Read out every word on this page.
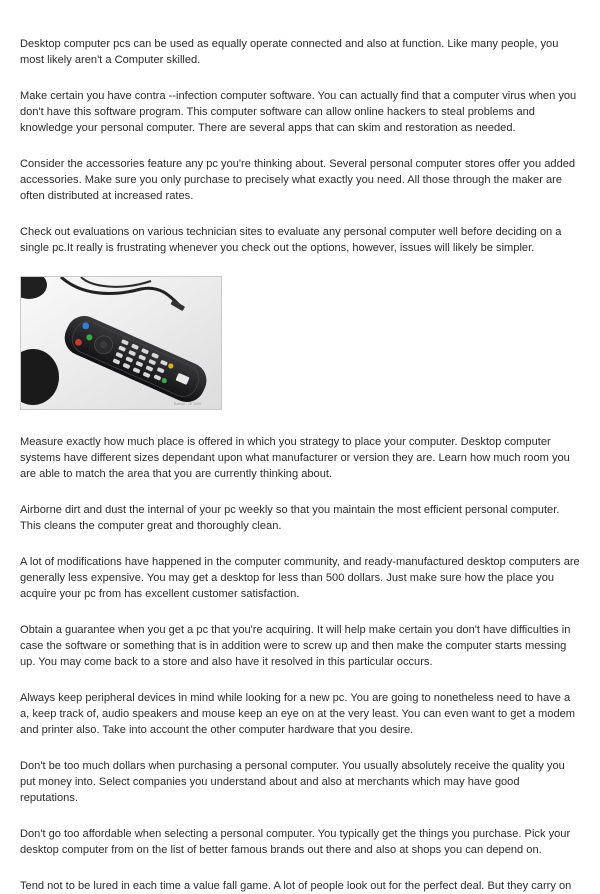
Desktop computer pcs can be used as equally operate connected and also at function. Like many people, you most likely aren't a Computer skilled.

Make certain you have contra --infection computer software. You can actually find that a computer virus when you don't have this software program. This computer software can allow online hackers to steal problems and knowledge your personal computer. There are several apps that can skim and restoration as needed.

Consider the accessories feature any pc you're thinking about. Several personal computer stores offer you added accessories. Make sure you only purchase to precisely what exactly you need. All those through the maker are often distributed at increased rates.

Check out evaluations on various technician sites to evaluate any personal computer well before deciding on a single pc.It really is frustrating whenever you check out the options, however, issues will likely be simpler.

Bobsrd - 1E 2009

Measure exactly how much place is offered in which you strategy to place your computer. Desktop computer systems have different sizes dependant upon what manufacturer or version they are. Learn how much room you are able to match the area that you are currently thinking about.

Airborne dirt and dust the internal of your pc weekly so that you maintain the most efficient personal computer. This cleans the computer great and thoroughly clean.

A lot of modifications have happened in the computer community, and ready-manufactured desktop computers are generally less expensive. You may get a desktop for less than 500 dollars. Just make sure how the place you acquire your pc from has excellent customer satisfaction.

Obtain a guarantee when you get a pc that you're acquiring. It will help make certain you don't have difficulties in case the software or something that is in addition were to screw up and then make the computer starts messing up. You may come back to a store and also have it resolved in this particular occurs.

Always keep peripheral devices in mind while looking for a new pc. You are going to nonetheless need to have a a, keep track of, audio speakers and mouse keep an eye on at the very least. You can even want to get a modem and printer also. Take into account the other computer hardware that you desire.

Don't be too much dollars when purchasing a personal computer. You usually absolutely receive the quality you put money into. Select companies you understand about and also at merchants which may have good reputations.

Don't go too affordable when selecting a personal computer. You typically get the things you purchase. Pick your desktop computer from on the list of better famous brands out there and also at shops you can depend on.

Tend not to be lured in each time a value fall game. A lot of people look out for the perfect deal. But they carry on
